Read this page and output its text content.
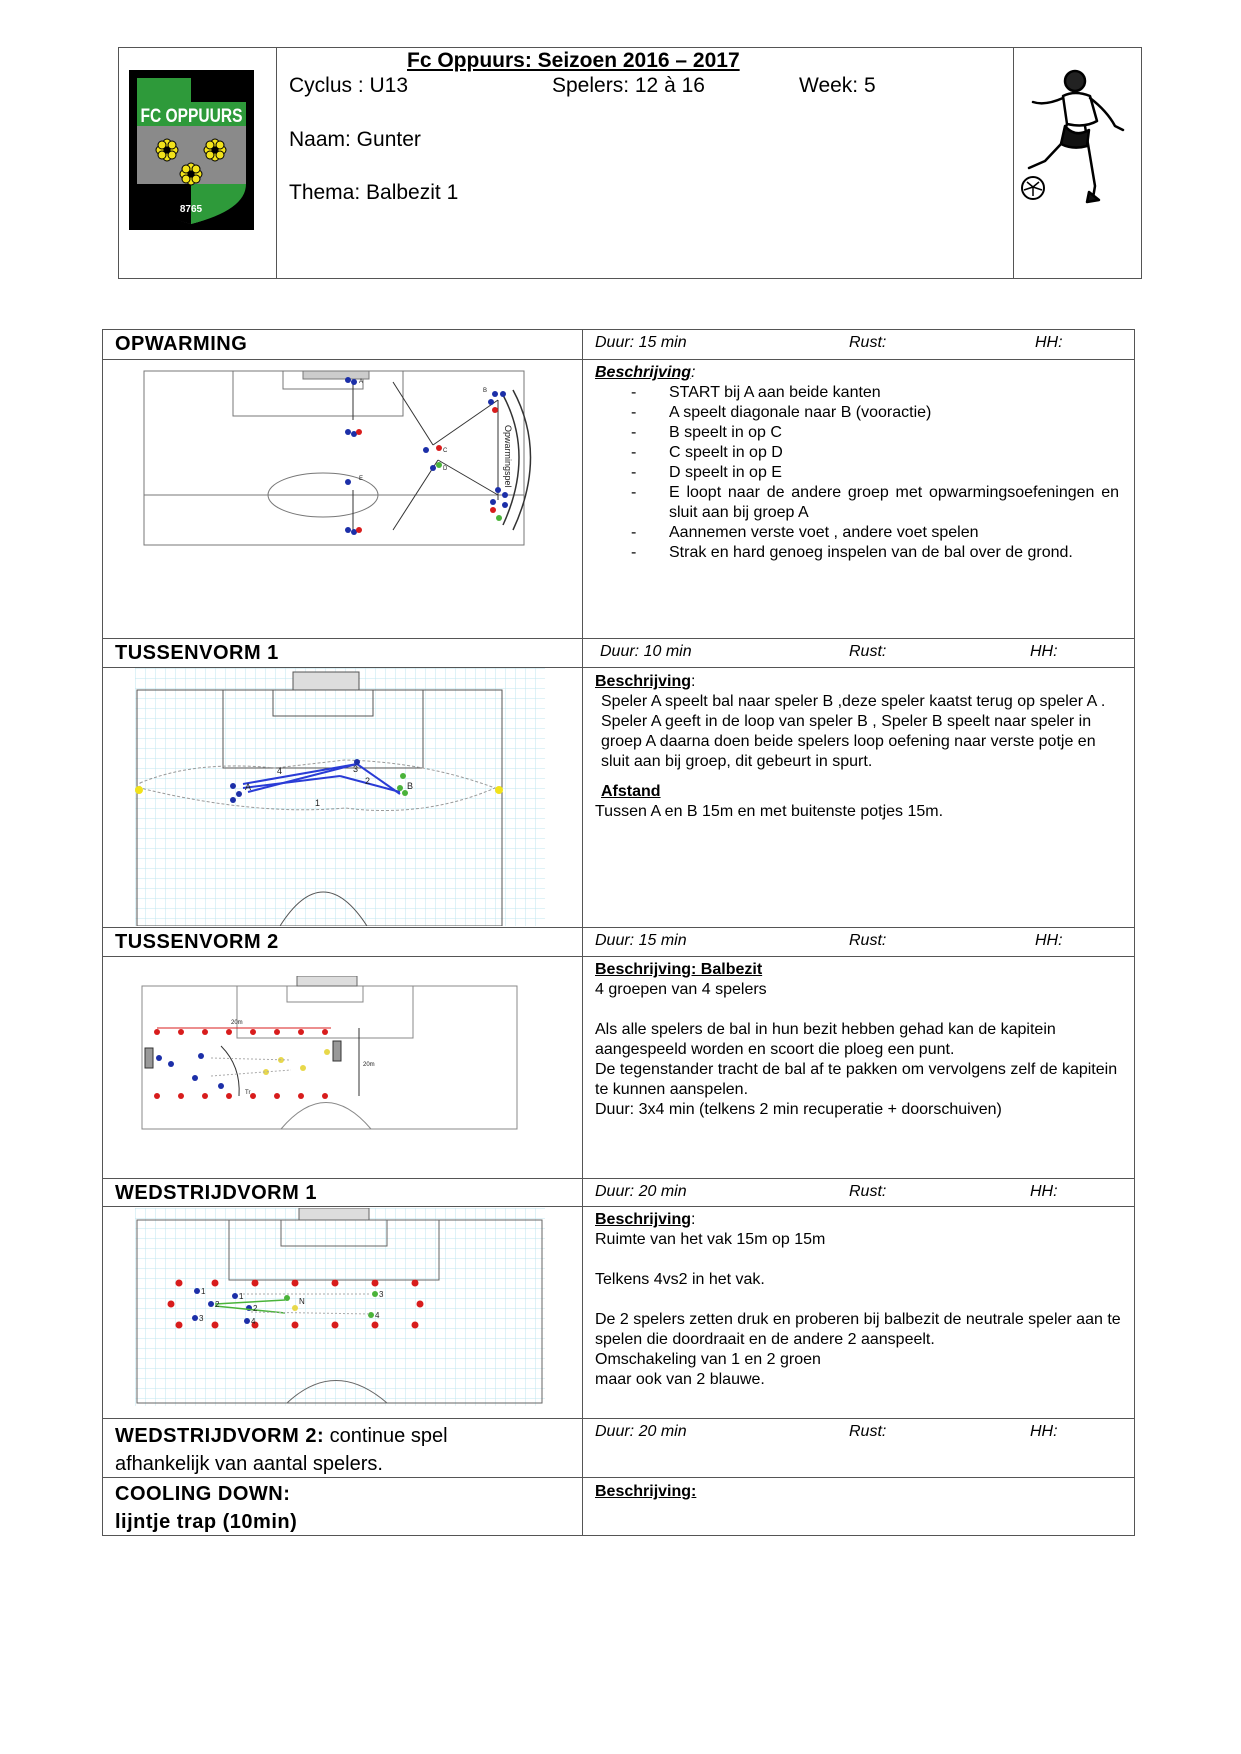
FC OPPUURS
8765
Fc Oppuurs: Seizoen 2016 – 2017
Cyclus : U13	Spelers: 12 à 16	Week: 5
Naam: Gunter
Thema: Balbezit 1
OPWARMING	Duur: 15 min	Rust:	HH:
Opwarmingspel
A
B
C
D
E
Beschrijving:
- START bij A aan beide kanten
- A speelt diagonale naar B (vooractie)
- B speelt in op C
- C speelt in op D
- D speelt in op E
- E loopt naar de andere groep met opwarmingsoefeningen en sluit aan bij groep A
- Aannemen verste voet , andere voet spelen
- Strak en hard genoeg inspelen van de bal over de grond.
TUSSENVORM 1	Duur: 10 min	Rust:	HH:
A	B
1
2
3
4
Beschrijving:
Speler A speelt bal naar speler B ,deze speler kaatst terug op speler A .
Speler A geeft in de loop van speler B , Speler B speelt naar speler in groep A daarna doen beide spelers loop oefening naar verste potje en sluit aan bij groep, dit gebeurt in spurt.
Afstand
Tussen A en B 15m en met buitenste potjes 15m.
TUSSENVORM 2	Duur: 15 min	Rust:	HH:
20m
20m
Tr
Beschrijving: Balbezit
4 groepen van 4 spelers
Als alle spelers de bal in hun bezit hebben gehad kan de kapitein aangespeeld worden en scoort die ploeg een punt.
De tegenstander tracht de bal af te pakken om vervolgens zelf de kapitein te kunnen aanspelen.
Duur: 3x4 min (telkens 2 min recuperatie + doorschuiven)
WEDSTRIJDVORM 1	Duur: 20 min	Rust:	HH:
1
1
2	2
3
3
4
4
N
Beschrijving:
Ruimte van het vak 15m op 15m
Telkens 4vs2 in het vak.
De 2 spelers zetten druk en proberen bij balbezit de neutrale speler aan te spelen die doordraait en de andere 2 aanspeelt.
Omschakeling van 1 en 2 groen
maar ook van 2 blauwe.
WEDSTRIJDVORM 2: continue spel
afhankelijk van aantal spelers.
Duur: 20 min	Rust:	HH:
COOLING DOWN:
lijntje trap (10min)
Beschrijving:
